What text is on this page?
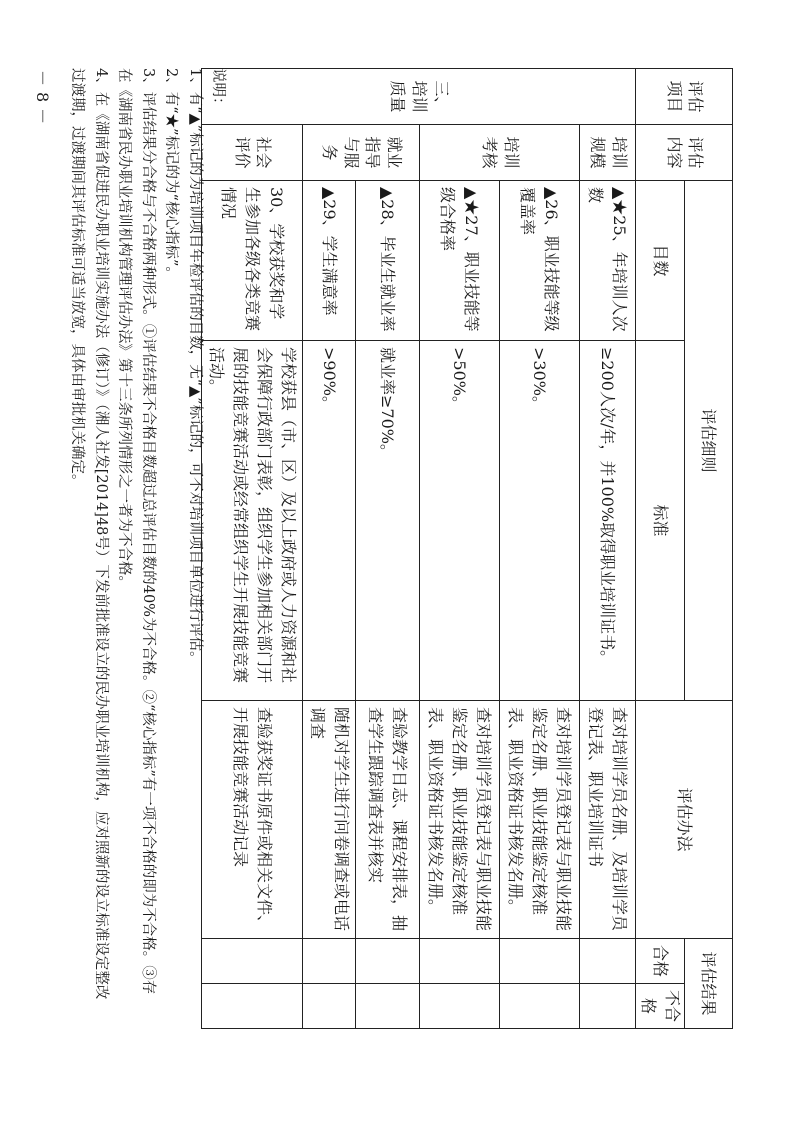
评估项目	评估内容	评估细则		评估办法	评估结果	
		目数	标准		合格	不合格
三、培训质量	培训规模	▲★25、年培训人次数	≥200人次/年，并100%取得职业培训证书。	查对培训学员名册、及培训学员登记表、职业培训证书		
	培训考核	▲26、职业技能等级覆盖率	>30%。	查对培训学员登记表与职业技能鉴定名册、职业技能鉴定核准表、职业资格证书核发名册。		
		▲★27、职业技能等级合格率	>50%。	查对培训学员登记表与职业技能鉴定名册、职业技能鉴定核准表、职业资格证书核发名册。		
	就业指导与服务	▲28、毕业生就业率	就业率≥70%。	查验教学日志、课程安排表，抽查学生跟踪调查表并核实		
		▲29、学生满意率	>90%。	随机对学生进行问卷调查或电话调查		
	社会评价	30、学校获奖和学生参加各级各类竞赛情况	学校获县（市、区）及以上政府或人力资源和社会保障行政部门表彰，组织学生参加相关部门开展的技能竞赛活动或经常组织学生开展技能竞赛活动。	查验获奖证书原件或相关文件、开展技能竞赛活动记录		

说明：

1、有“▲”标记的为培训项目年检评估的目数，无“▲”标记的，可不对培训项目单位进行评估。

2、有“★”标记的为“核心指标”。

3、评估结果分合格与不合格两种形式。①评估结果不合格目数超过总评估目数的40%为不合格。②“核心指标”有一项不合格的即为不合格。③存

在《湖南省民办职业培训机构管理评估办法》第十三条所列情形之一者为不合格。

4、在《湖南省促进民办职业培训实施办法（修订）》（湘人社发[2014]48号）下发前批准设立的民办职业培训机构，应对照新的设立标准设定整改

过渡期，过渡期间其评估标准可适当放宽，具体由审批机关确定。

－8－
